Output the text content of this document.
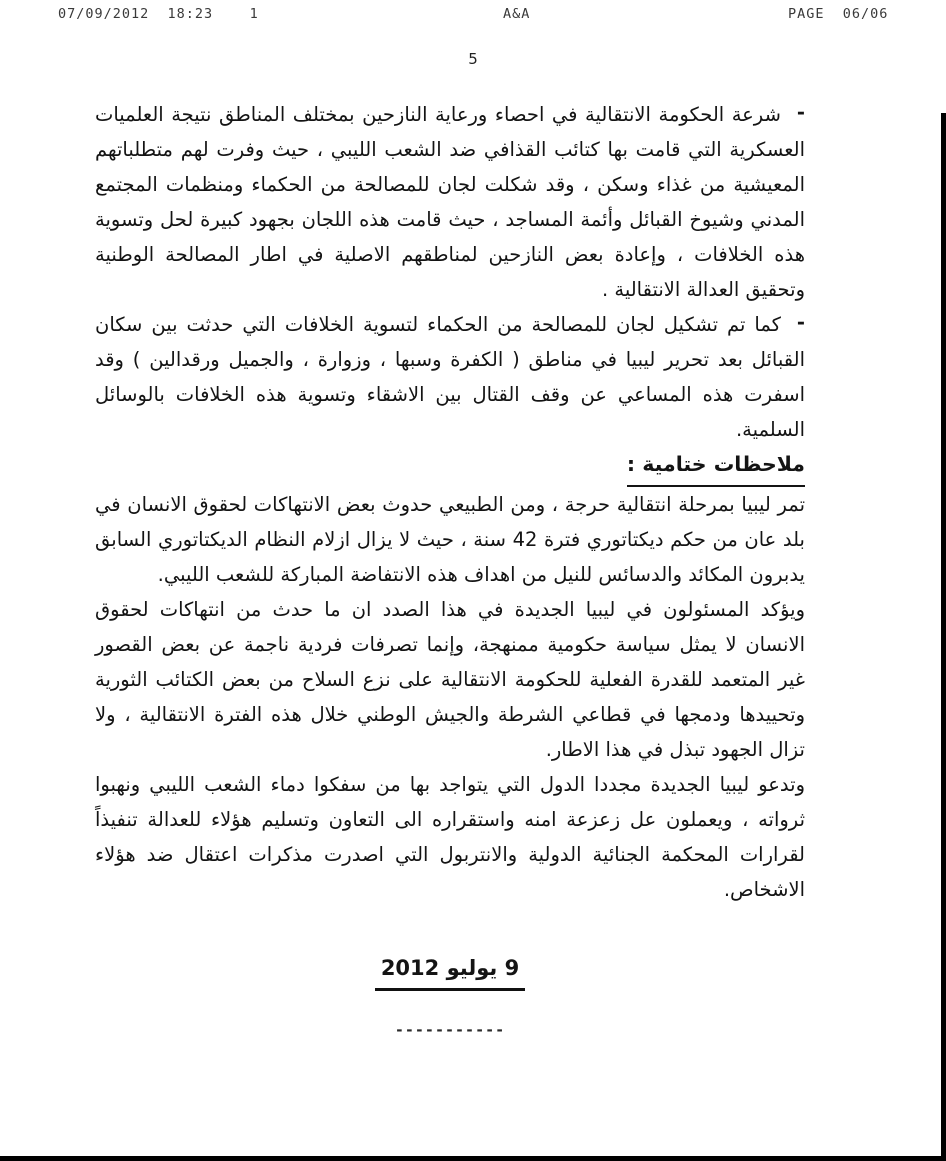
07/09/2012  18:23    1	A&A	PAGE  06/06
5

-شرعة الحكومة الانتقالية في احصاء ورعاية النازحين بمختلف المناطق نتيجة العلميات العسكرية التي قامت بها كتائب القذافي ضد الشعب الليبي ، حيث وفرت لهم متطلباتهم المعيشية من غذاء وسكن ، وقد شكلت لجان للمصالحة من الحكماء ومنظمات المجتمع المدني وشيوخ القبائل وأئمة المساجد ، حيث قامت هذه اللجان بجهود كبيرة لحل وتسوية هذه الخلافات ، وإعادة بعض النازحين لمناطقهم الاصلية في اطار المصالحة الوطنية وتحقيق العدالة الانتقالية .

-كما تم تشكيل لجان للمصالحة من الحكماء لتسوية الخلافات التي حدثت بين سكان القبائل بعد تحرير ليبيا في مناطق ( الكفرة وسبها ، وزوارة ، والجميل ورقدالين ) وقد اسفرت هذه المساعي عن وقف القتال بين الاشقاء وتسوية هذه الخلافات بالوسائل السلمية.

ملاحظات ختامية :

تمر ليبيا بمرحلة انتقالية حرجة ، ومن الطبيعي حدوث بعض الانتهاكات لحقوق الانسان في بلد عان من حكم ديكتاتوري فترة 42 سنة ، حيث لا يزال ازلام النظام الديكتاتوري السابق يدبرون المكائد والدسائس للنيل من اهداف هذه الانتفاضة المباركة للشعب الليبي.

ويؤكد المسئولون في ليبيا الجديدة في هذا الصدد ان ما حدث من انتهاكات لحقوق الانسان لا يمثل سياسة حكومية ممنهجة، وإنما تصرفات فردية ناجمة عن بعض القصور غير المتعمد للقدرة الفعلية للحكومة الانتقالية على نزع السلاح من بعض الكتائب الثورية وتحييدها ودمجها في قطاعي الشرطة والجيش الوطني خلال هذه الفترة الانتقالية ، ولا تزال الجهود تبذل في هذا الاطار.

وتدعو ليبيا الجديدة مجددا الدول التي يتواجد بها من سفكوا دماء الشعب الليبي ونهبوا ثرواته ، ويعملون عل زعزعة امنه واستقراره الى التعاون وتسليم هؤلاء للعدالة تنفيذاً لقرارات المحكمة الجنائية الدولية والانتربول التي اصدرت مذكرات اعتقال ضد هؤلاء الاشخاص.

9 يوليو 2012
-----------
